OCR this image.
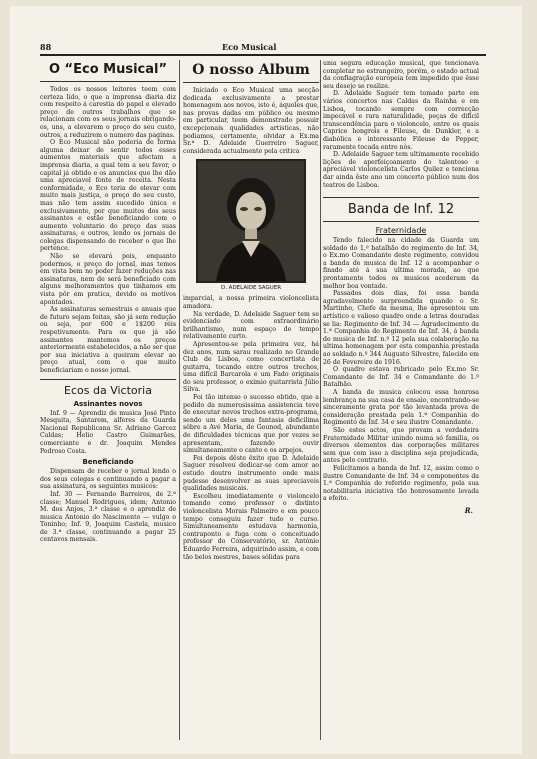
88	Eco Musical
O “Eco Musical”

Todos os nossos leitores teem com certeza lido, o que a imprensa diaria diz com respeito á carestia do papel e elevado preço de outros trabalhos que se relacionam com os seus jornais obrigando-os, uns, a elevarem o preço do seu custo, outros, a reduzirem o numero das paginas.

O Eco Musical não poderia de forma alguma deixar de sentir todos esses aumentos materiais que afectam a imprensa diaria, a qual tem a seu favor, o capital já obtido e os anuncios que lhe dão uma apreciavel fonte de receita. Nesta conformidade, o Eco teria de elevar com muito mais justiça, o preço do seu custo, mas não tem assim sucedido única e exclusivamente, por que muitos dos seus assinantes e estão beneficiando com o aumento voluntario do preço das suas assinaturas, e outros, lendo os jornais de colegas dispensando de receber o que lhe pertence.

Não se elevará pois, enquanto podermos, o preço do jornal, mas temos em vista bem no poder fazer reduções nas assinaturas, nem de será beneficiado com alguns melhoramentos que tinhamos em vista pôr em pratica, devido os motivos apontados.

As assinaturas semestrais e anuais que de futuro sejam feitas, são já sem redução ou seja, por 600 e 1$200 réis respetivamente. Para os que já são assinantes mantemos os preços anteriormente estabelecidos, a não ser que por sua iniciativa a queiram elevar ao preço atual, com o que muito beneficiariam o nosso jornal.

Ecos da Victoria
Assinantes novos

Inf. 9 — Aprendiz de musica José Pinto Mesquita, Santarem, alferes da Guarda Nacional Republicana Sr. Adriano Garcez Caldas; Helio Castro Guimarães, comerciante e dr. Joaquim Mendes Pedroso Costa.

Beneficiando

Dispensam de receber o jornal lendo o dos seus colegas e continuando a pagar a sua assinatura, os seguintes musicos:

Inf. 30 — Fernando Barreiros, de 2.ª classe; Manuel Rodrigues, idem; Antonio M. dos Anjos, 3.ª classe e o aprendiz de musica Antonio do Nascimento — vulgo o Toninho; Inf. 9, Joaquim Castela, musico de 3.ª classe, continuando a pagar 25 centavos mensais.

O nosso Album

Iniciado o Eco Musical uma secção dedicada exclusivamente a prestar homenagem aos novos, isto é, áqueles que, nas provas dadas em público ou mesmo em particular, teem demonstrado possuir excepcionais qualidades artisticas, não podiamos, certamente, olvidar a Ex.ma Sr.ª D. Adelaide Guerreiro Saguer, considerada actualmente pela critica

D. ADELAIDE SAGUER

imparcial, a nossa primeira violoncelista amadora.

Na verdade, D. Adelaide Saguer tem se evidenciado com extraordinário brilhantismo, num espaço de tempo relativamente curto.

Apresentou-se pela primeira vez, há dez anos, num sarau realizado no Grande Club de Lisboa, como concertista de guitarra, tocando entre outros trechos, uma difícil Barcarola e um Fado originais do seu professor, o eximio guitarrista Júlio Silva.

Foi tão intenso o sucesso obtido, que a pedido da numerosissima assistencia teve de executar novos trechos extra-programa, sendo um deles uma fantasia deficilima sôbre a Avé Maria, de Gounod, abundante de dificuldades técnicas que por vezes se apresentam, fazendo ouvir simultaneamente o canto e os arpejos.

Foi depois dêste êxito que D. Adelaide Saguer resolveu dedicar-se com amor ao estudo doutro instrumento onde mais pudesse desenvolver as suas apreciaveis qualidades musicais.

Escolheu imediatamente o violoncelo tomando como professor o distinto violoncelista Morais Palmeiro e em pouco tempo conseguiu fazer tudo o curso. Simultaneamente estudava harmonia, contraponto e fuga com o conceituado professor do Conservatório, sr. António Eduardo Ferreira, adquirindo assim, e com tão belos mestres, bases sólidas para

uma segura educação musical, que tencionava completar no estrangeiro, porém, o estado actual da conflagração europeia tem impedido que êsse seu desejo se realize.

D. Adelaide Saguer tem tomado parte em vários concertos nas Caldas da Rainha e em Lisboa, tocando sempre com correcção impecável e rara naturalidade, peças de difícil transcendência para o violoncelo, entre os quais Caprice hongrois e Fileuse, de Dunkler, e a diabólica e interessante Fileuse de Pepper, raramente tocada entre nós.

D. Adelaide Saguer tem ultimamente recebido lições de aperfeiçoamento do talentoso e apreciável violoncelista Carlos Quilez e tenciona dar ainda êste ano um concerto público num dos teatros de Lisboa.

Banda de Inf. 12
Fraternidade

Tendo falecido na cidade da Guarda um soldado do 1.º batalhão do regimento de Inf. 34, o Ex.mo Comandante deste regimento, convidou a banda de musica de Inf. 12 a acompanhar o finado até á sua ultima morada, ao que prontamente todos os musicos acederam da melhor boa vontade.

Passados dois dias, foi essa banda agradavelmente surpreendida quando o Sr. Martinho, Chefe da mesma, lhe apresentou um artístico e valioso quadro onde a letras douradas se lia: Regimento de Inf. 34 — Agradecimento da 1.ª Companhia do Regimento de Inf. 34, á banda de musica de Inf. n.º 12 pela sua colaboração na ultima homenagem por esta companhia prestada ao soldado n.º 344 Augusto Silvestre, falecido em 26 de Fevereiro de 1916.

O quadro estava rubricado pelo Ex.mo Sr. Comandante de Inf. 34 e Comandante do 1.º Batalhão.

A banda de musica colocou essa honrosa lembrança na sua casa de ensaio, encontrando-se sinceramente grata por tão levantada prova de consideração prestada pela 1.ª Companhia do Regimento de Inf. 34 e seu ilustre Comandante.

São estes actos, que provam a verdadeira Fraternidade Militar unindo numa só familia, os diversos elementos das corporações militares sem que com isso a disciplina seja prejudicada, antes pelo contrario.

Felicitamos a banda de Inf. 12, assim como o ilustre Comandante de Inf. 34 e componentes da 1.ª Companhia do referido regimento, pela sua notabilitaria iniciativa tão honrosamente levada a efeito.

R.
